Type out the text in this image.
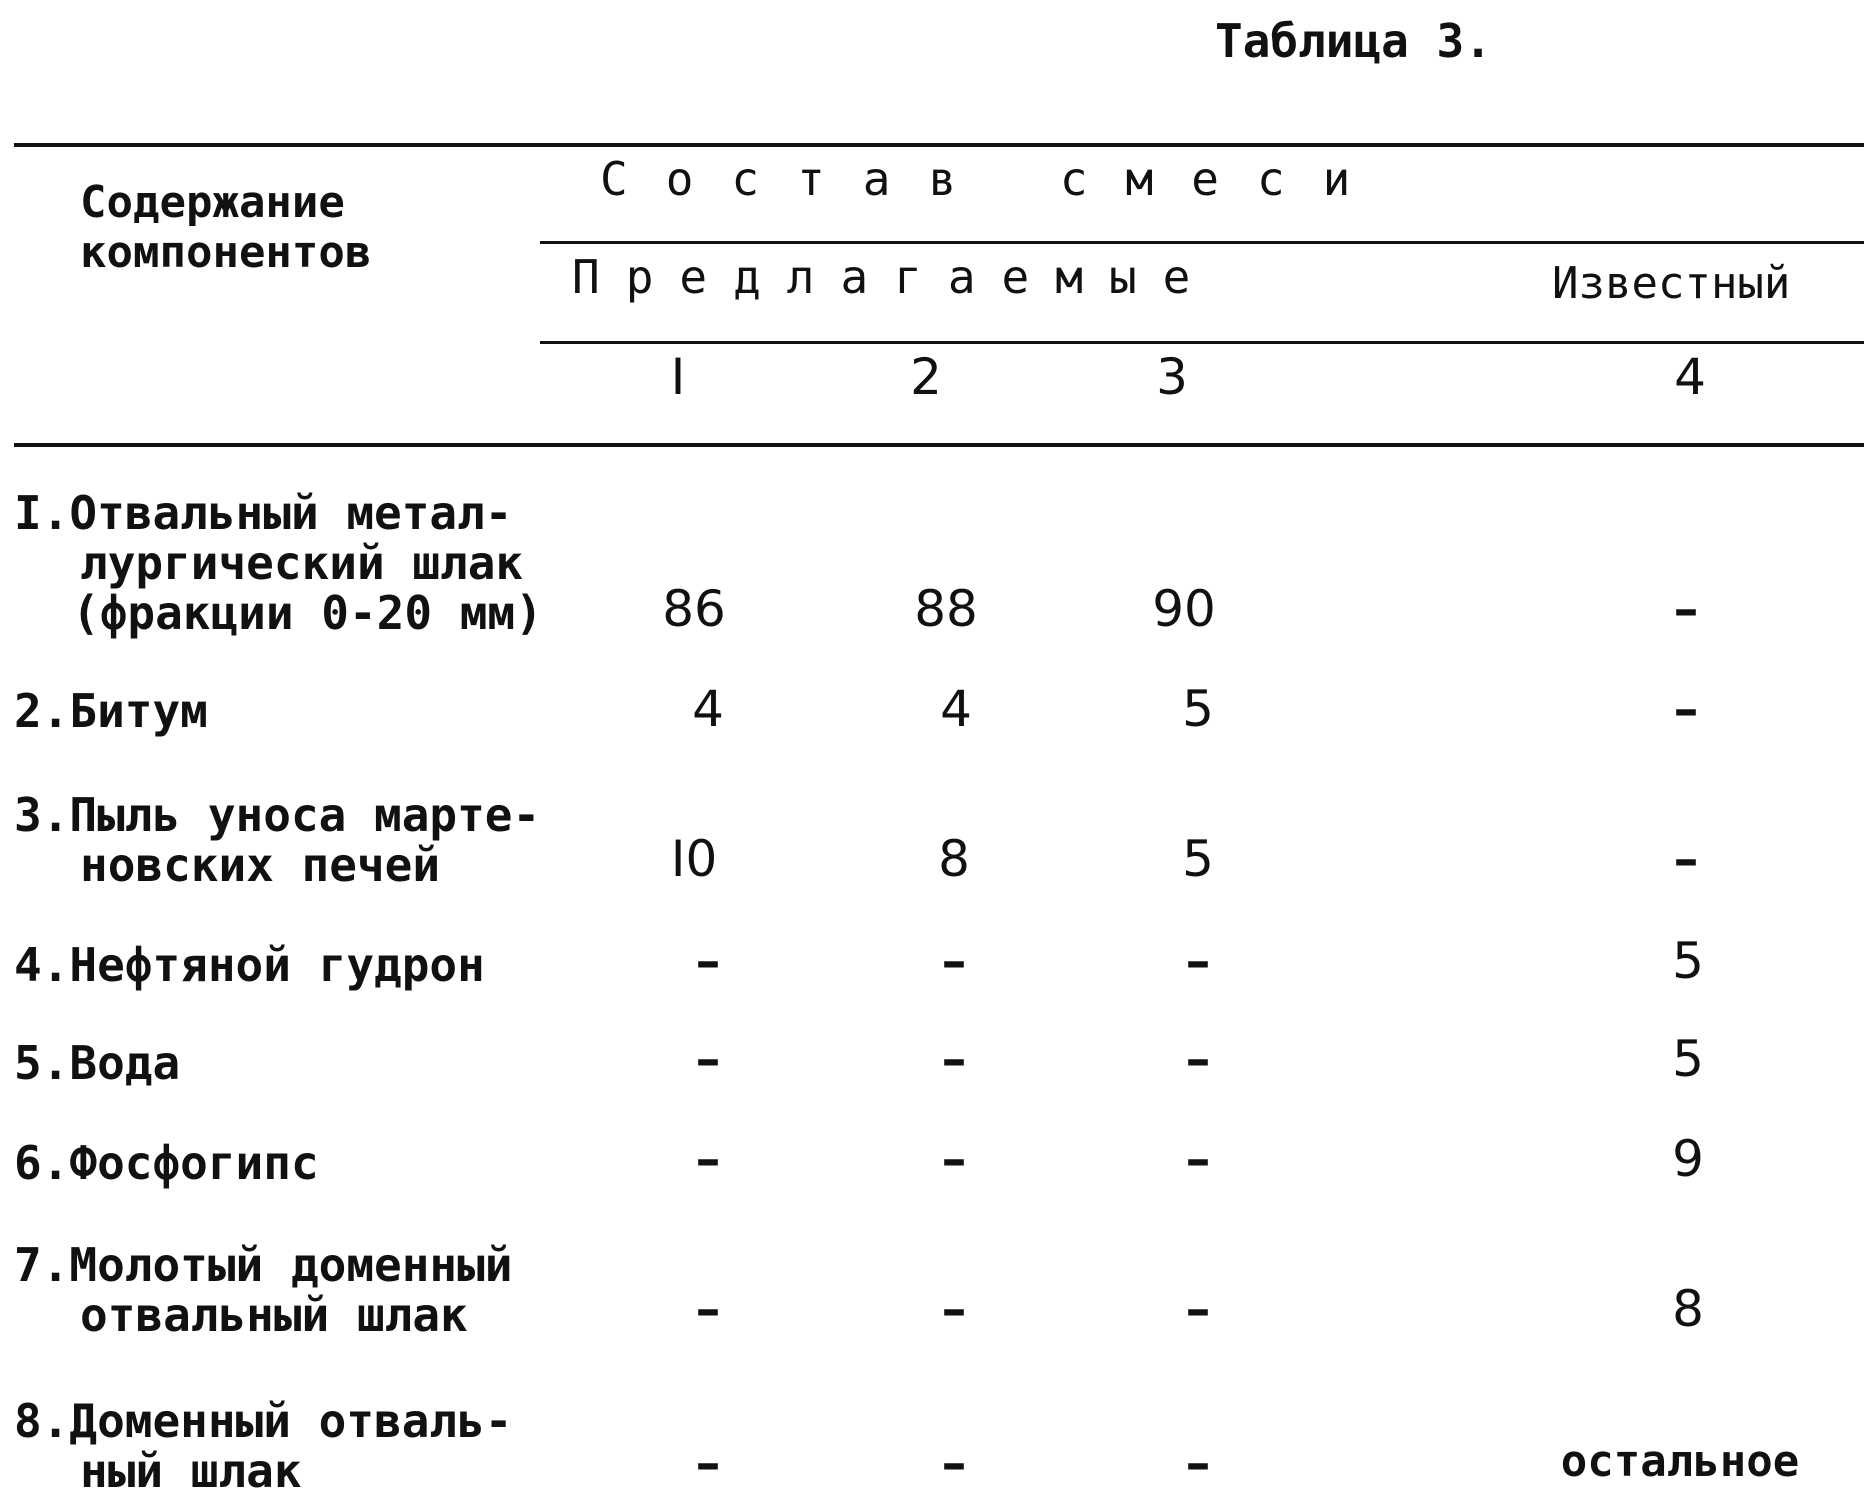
Таблица 3.
Содержание
компонентов
Состав смеси
Предлагаемые	Известный
I	2	3	4
I.Отвальный метал-
лургический шлак
(фракции 0-20 мм)	86	88	90	–
2.Битум	4	4	5	–
3.Пыль уноса марте-
новских печей	I0	8	5	–
4.Нефтяной гудрон	–	–	–	5
5.Вода	–	–	–	5
6.Фосфогипс	–	–	–	9
7.Молотый доменный
отвальный шлак	–	–	–	8
8.Доменный отваль-
ный шлак	–	–	–	остальное
